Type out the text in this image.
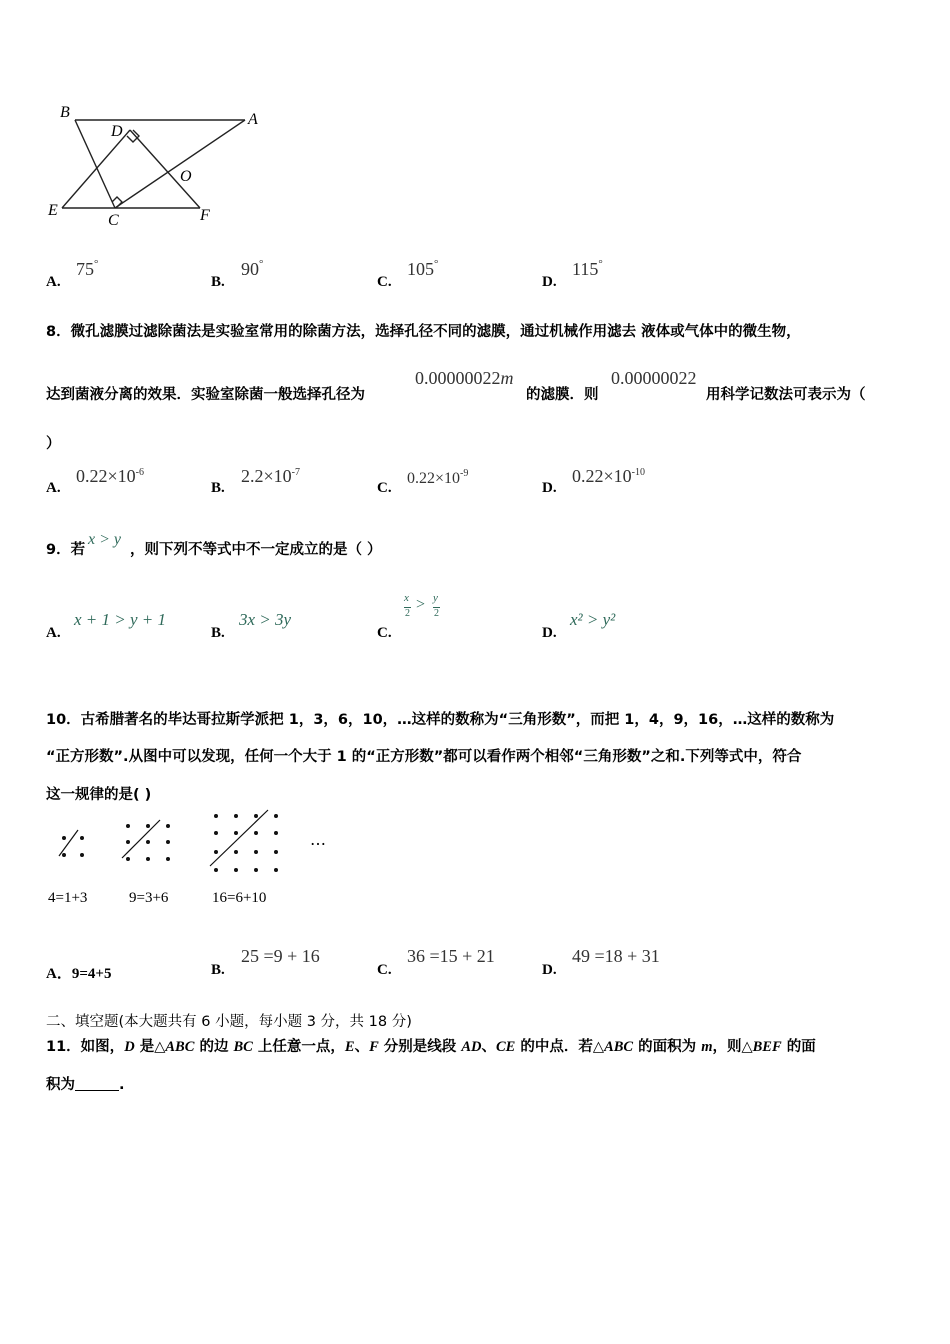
B	A
D
O
E
C	F
A.
75°
B.
90°
C.
105°
D.
115°
8．微孔滤膜过滤除菌法是实验室常用的除菌方法，选择孔径不同的滤膜，通过机械作用滤去 液体或气体中的微生物，
达到菌液分离的效果．实验室除菌一般选择孔径为
0.00000022m
的滤膜．则
0.00000022
用科学记数法可表示为（
）
A.
$0.22\times 10^{-6}$
B.
$2.2\times 10^{-7}$
C.
$0.22\times 10^{-9}$
D.
$0.22\times 10^{-10}$
9．若
x > y
，则下列不等式中不一定成立的是（ ）
A.
x + 1 > y + 1
B.
3x > 3y
C.
x
2
> y
2
D.
x² > y²
10．古希腊著名的毕达哥拉斯学派把 1，3，6，10，…这样的数称为“三角形数”，而把 1，4，9，16，…这样的数称为
“正方形数”.从图中可以发现，任何一个大于 1 的“正方形数”都可以看作两个相邻“三角形数”之和.下列等式中，符合
这一规律的是( )
…
4=1+3	9=3+6	16=6+10
A．9=4+5	B.
25 =9 + 16
C.
36 =15 + 21
D.
49 =18 + 31
二、填空题(本大题共有 6 小题，每小题 3 分，共 18 分)
11．如图，D 是△ABC 的边 BC 上任意一点，E、F 分别是线段 AD、CE 的中点．若△ABC 的面积为 m，则△BEF 的面
积为	.
